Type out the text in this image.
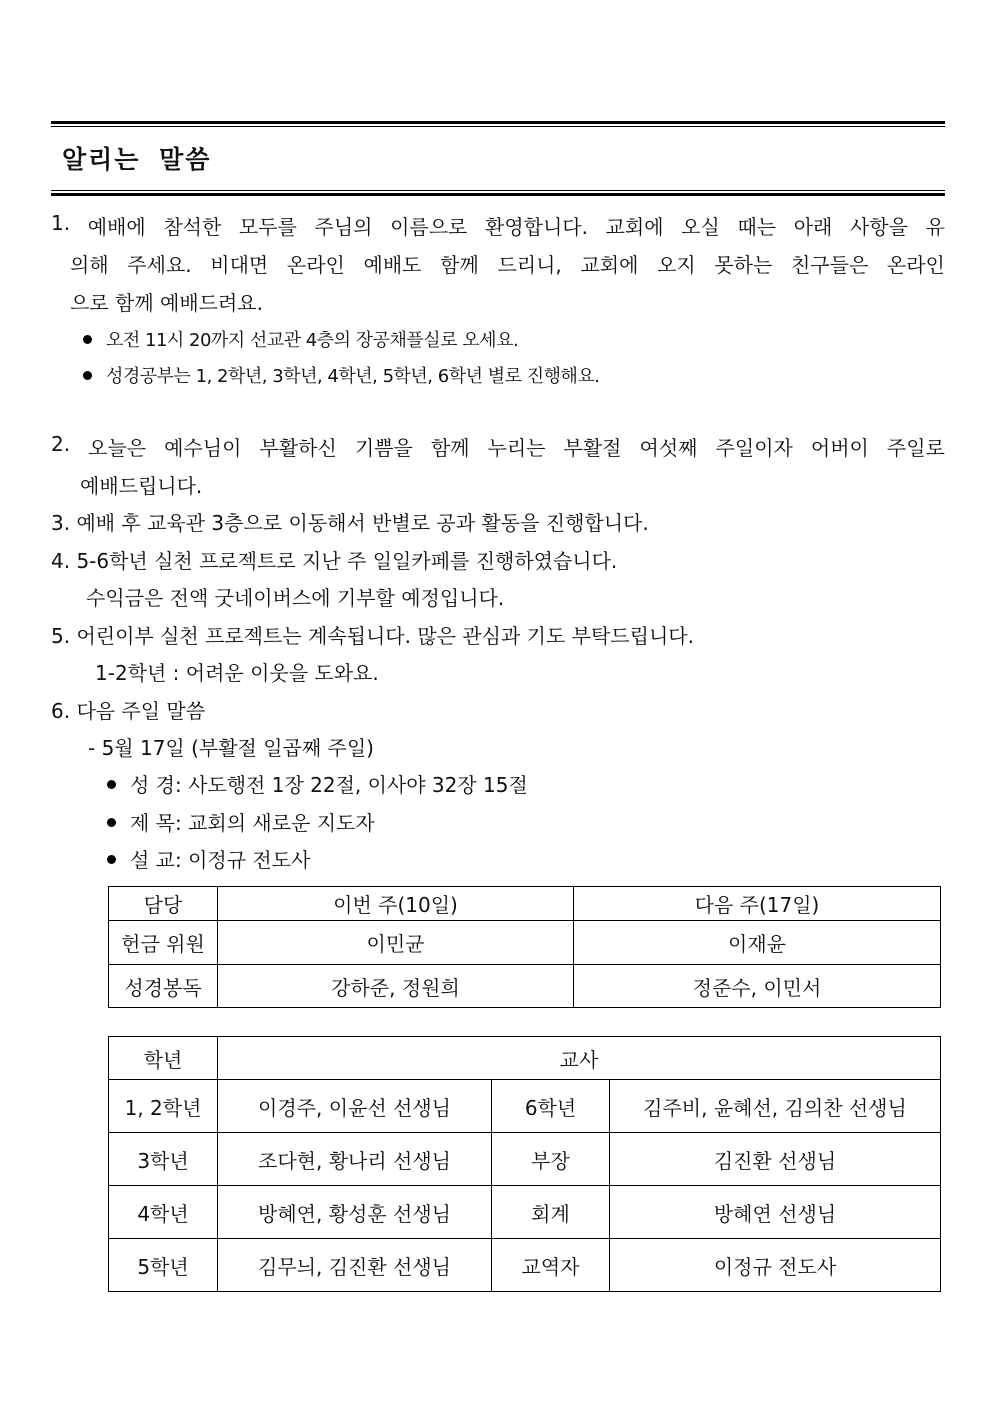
알리는 말씀
1. 예배에 참석한 모두를 주님의 이름으로 환영합니다. 교회에 오실 때는 아래 사항을 유
의해 주세요. 비대면 온라인 예배도 함께 드리니, 교회에 오지 못하는 친구들은 온라인
으로 함께 예배드려요.
오전 11시 20까지 선교관 4층의 장공채플실로 오세요.
성경공부는 1, 2학년, 3학년, 4학년, 5학년, 6학년 별로 진행해요.
2. 오늘은 예수님이 부활하신 기쁨을 함께 누리는 부활절 여섯째 주일이자 어버이 주일로
예배드립니다.
3. 예배 후 교육관 3층으로 이동해서 반별로 공과 활동을 진행합니다.
4. 5-6학년 실천 프로젝트로 지난 주 일일카페를 진행하였습니다.
수익금은 전액 굿네이버스에 기부할 예정입니다.
5. 어린이부 실천 프로젝트는 계속됩니다. 많은 관심과 기도 부탁드립니다.
1-2학년 : 어려운 이웃을 도와요.
6. 다음 주일 말씀
- 5월 17일 (부활절 일곱째 주일)
성 경: 사도행전 1장 22절, 이사야 32장 15절
제 목: 교회의 새로운 지도자
설 교: 이정규 전도사
담당	이번 주(10일)	다음 주(17일)
헌금 위원	이민균	이재윤
성경봉독	강하준, 정원희	정준수, 이민서
학년	교사		
1, 2학년	이경주, 이윤선 선생님	6학년	김주비, 윤혜선, 김의찬 선생님
3학년	조다현, 황나리 선생님	부장	김진환 선생님
4학년	방혜연, 황성훈 선생님	회계	방혜연 선생님
5학년	김무늬, 김진환 선생님	교역자	이정규 전도사
